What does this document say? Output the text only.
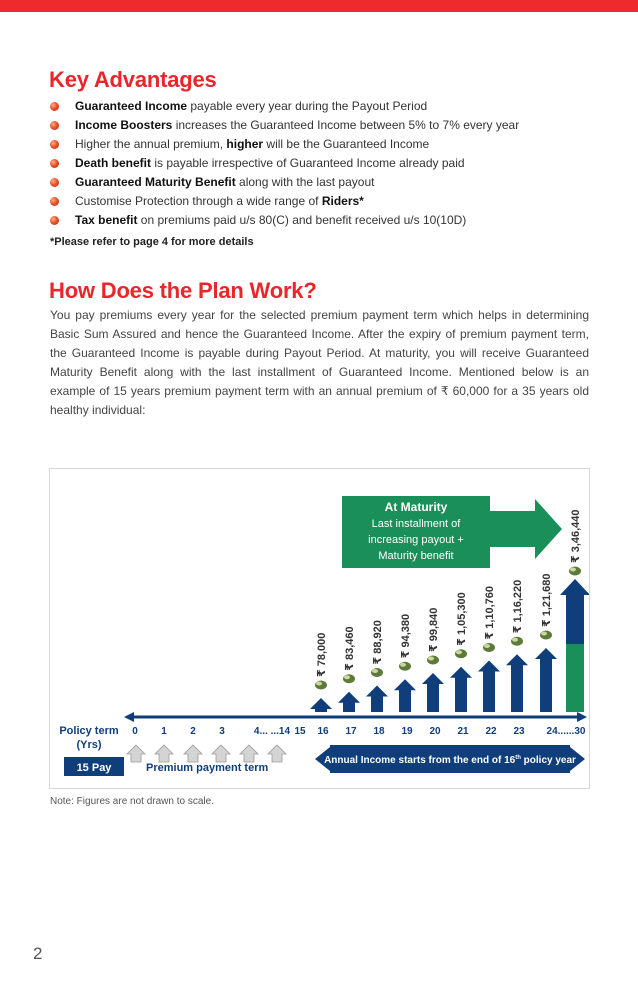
Key Advantages
Guaranteed Income payable every year during the Payout Period
Income Boosters increases the Guaranteed Income between 5% to 7% every year
Higher the annual premium, higher will be the Guaranteed Income
Death benefit is payable irrespective of Guaranteed Income already paid
Guaranteed Maturity Benefit along with the last payout
Customise Protection through a wide range of Riders*
Tax benefit on premiums paid u/s 80(C) and benefit received u/s 10(10D)
*Please refer to page 4 for more details
How Does the Plan Work?

You pay premiums every year for the selected premium payment term which helps in determining Basic Sum Assured and hence the Guaranteed Income. After the expiry of premium payment term, the Guaranteed Income is payable during Payout Period. At maturity, you will receive Guaranteed Maturity Benefit along with the last installment of Guaranteed Income. Mentioned below is an example of 15 years premium payment term with an annual premium of ₹ 60,000 for a 35 years old healthy individual:

At Maturity
Last installment of
increasing payout +
Maturity benefit
Policy term
(Yrs)
0 1 2 3	4... ...14 15 16 17 18 19 20 21 22 23 24......30
15 Pay	Premium payment term
Annual Income starts from the end of 16th policy year
₹ 78,000 ₹ 83,460 ₹ 88,920 ₹ 94,380 ₹ 99,840 ₹ 1,05,300 ₹ 1,10,760 ₹ 1,16,220 ₹ 1,21,680
₹ 3,46,440
Note: Figures are not drawn to scale.
2
